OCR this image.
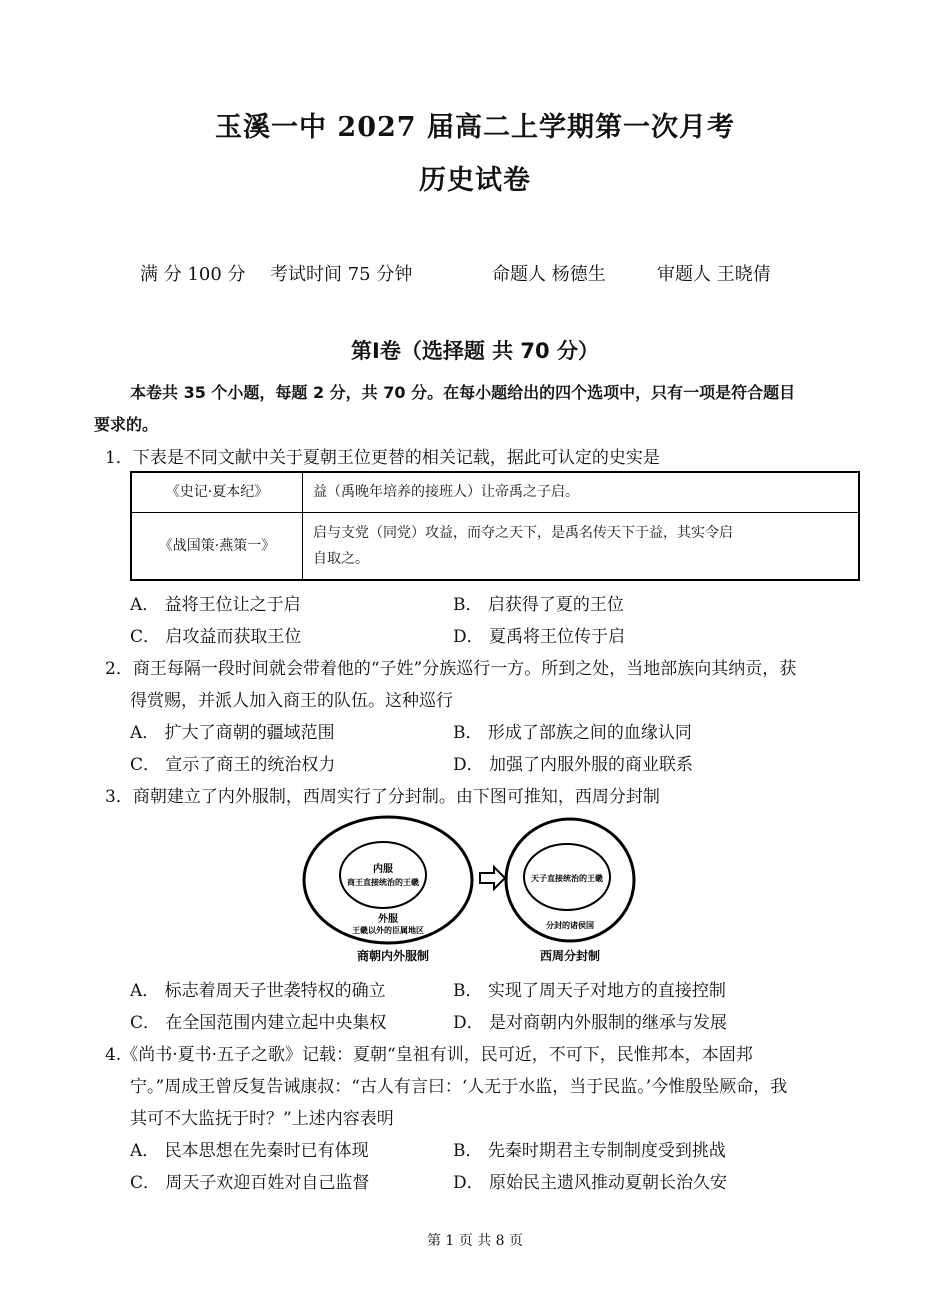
玉溪一中 2027 届高二上学期第一次月考
历史试卷
满 分 100 分 考试时间 75 分钟	命题人 杨德生	审题人 王晓倩
第Ⅰ卷（选择题 共 70 分）
本卷共 35 个小题，每题 2 分，共 70 分。在每小题给出的四个选项中，只有一项是符合题目
要求的。
1．下表是不同文献中关于夏朝王位更替的相关记载，据此可认定的史实是
《史记·夏本纪》	益（禹晚年培养的接班人）让帝禹之子启。
《战国策·燕策一》	启与支党（同党）攻益，而夺之天下，是禹名传天下于益，其实令启
自取之。
A． 益将王位让之于启	B． 启获得了夏的王位
C． 启攻益而获取王位	D． 夏禹将王位传于启
2．商王每隔一段时间就会带着他的“子姓”分族巡行一方。所到之处，当地部族向其纳贡，获
得赏赐，并派人加入商王的队伍。这种巡行
A． 扩大了商朝的疆域范围	B． 形成了部族之间的血缘认同
C． 宣示了商王的统治权力	D． 加强了内服外服的商业联系
3．商朝建立了内外服制，西周实行了分封制。由下图可推知，西周分封制
内服
商王直接统治的王畿
外服
王畿以外的臣属地区
商朝内外服制
天子直接统治的王畿
分封的诸侯国
西周分封制
A． 标志着周天子世袭特权的确立	B． 实现了周天子对地方的直接控制
C． 在全国范围内建立起中央集权	D． 是对商朝内外服制的继承与发展
4.《尚书·夏书·五子之歌》记载：夏朝“皇祖有训，民可近，不可下，民惟邦本，本固邦
宁。”周成王曾反复告诫康叔：“古人有言曰：‘人无于水监，当于民监。’今惟殷坠厥命，我
其可不大监抚于时？”上述内容表明
A． 民本思想在先秦时已有体现	B． 先秦时期君主专制制度受到挑战
C． 周天子欢迎百姓对自己监督	D． 原始民主遗风推动夏朝长治久安
第 1 页 共 8 页
